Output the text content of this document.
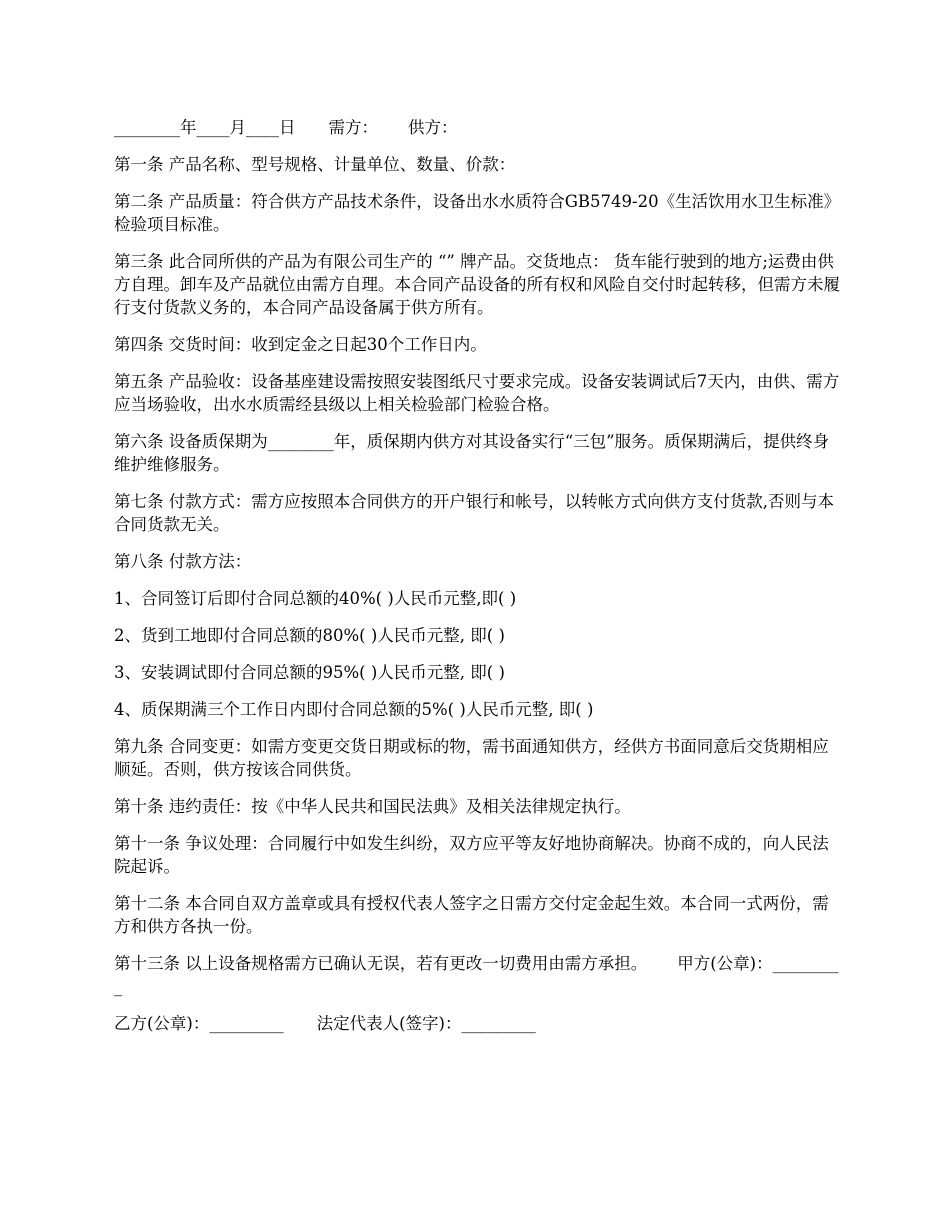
________年____月____日　　需方：　　 供方：

第一条 产品名称、型号规格、计量单位、数量、价款：

第二条 产品质量：符合供方产品技术条件，设备出水水质符合GB5749-20《生活饮用水卫生标准》检验项目标准。

第三条 此合同所供的产品为有限公司生产的 “” 牌产品。交货地点： 货车能行驶到的地方;运费由供方自理。卸车及产品就位由需方自理。本合同产品设备的所有权和风险自交付时起转移，但需方未履行支付货款义务的，本合同产品设备属于供方所有。

第四条 交货时间：收到定金之日起30个工作日内。

第五条 产品验收：设备基座建设需按照安装图纸尺寸要求完成。设备安装调试后7天内，由供、需方应当场验收，出水水质需经县级以上相关检验部门检验合格。

第六条 设备质保期为________年，质保期内供方对其设备实行“三包”服务。质保期满后，提供终身维护维修服务。

第七条 付款方式：需方应按照本合同供方的开户银行和帐号，以转帐方式向供方支付货款,否则与本合同货款无关。

第八条 付款方法：

1、合同签订后即付合同总额的40%( )人民币元整,即( )

2、货到工地即付合同总额的80%( )人民币元整, 即( )

3、安装调试即付合同总额的95%( )人民币元整, 即( )

4、质保期满三个工作日内即付合同总额的5%( )人民币元整, 即( )

第九条 合同变更：如需方变更交货日期或标的物，需书面通知供方，经供方书面同意后交货期相应顺延。否则，供方按该合同供货。

第十条 违约责任：按《中华人民共和国民法典》及相关法律规定执行。

第十一条 争议处理：合同履行中如发生纠纷，双方应平等友好地协商解决。协商不成的，向人民法院起诉。

第十二条 本合同自双方盖章或具有授权代表人签字之日需方交付定金起生效。本合同一式两份，需方和供方各执一份。

第十三条 以上设备规格需方已确认无误，若有更改一切费用由需方承担。　　 甲方(公章)：_________

乙方(公章)：_________　　法定代表人(签字)：_________
